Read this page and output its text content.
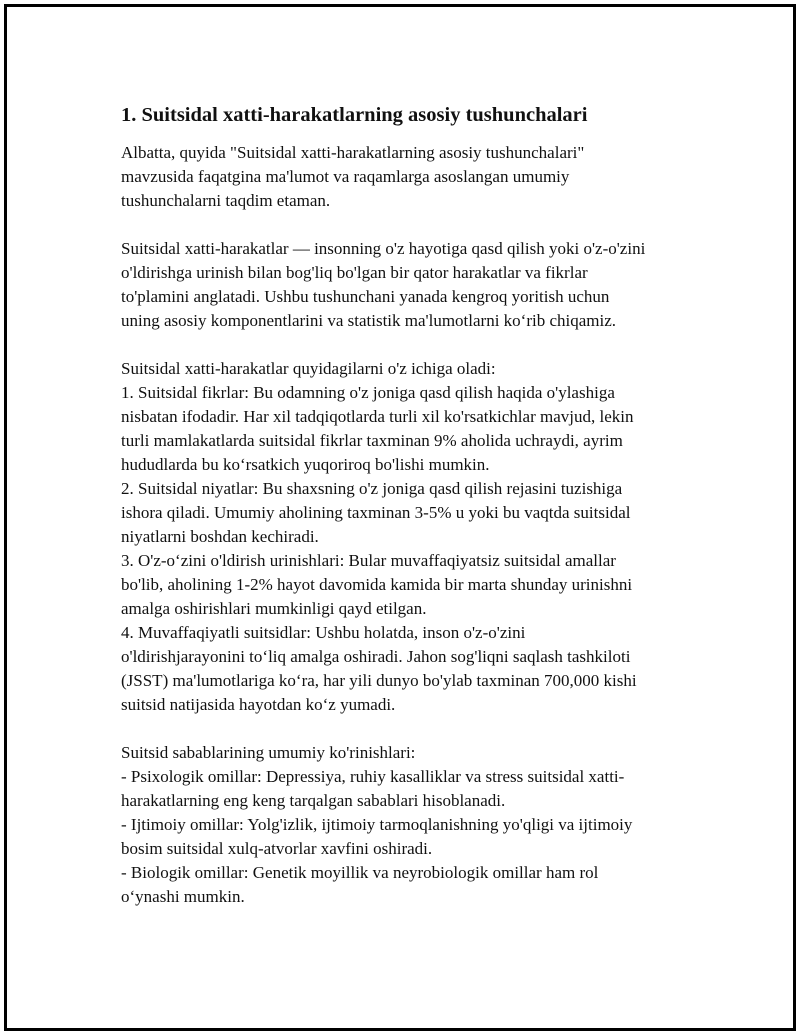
1. Suitsidal xatti-harakatlarning asosiy tushunchalari

Albatta, quyida "Suitsidal xatti-harakatlarning asosiy tushunchalari"
mavzusida faqatgina ma'lumot va raqamlarga asoslangan umumiy
tushunchalarni taqdim etaman.

Suitsidal xatti-harakatlar — insonning o'z hayotiga qasd qilish yoki o'z-o'zini
o'ldirishga urinish bilan bog'liq bo'lgan bir qator harakatlar va fikrlar
to'plamini anglatadi. Ushbu tushunchani yanada kengroq yoritish uchun
uning asosiy komponentlarini va statistik ma'lumotlarni ko‘rib chiqamiz.

Suitsidal xatti-harakatlar quyidagilarni o'z ichiga oladi:
1. Suitsidal fikrlar: Bu odamning o'z joniga qasd qilish haqida o'ylashiga
nisbatan ifodadir. Har xil tadqiqotlarda turli xil ko'rsatkichlar mavjud, lekin
turli mamlakatlarda suitsidal fikrlar taxminan 9% aholida uchraydi, ayrim
hududlarda bu ko‘rsatkich yuqoriroq bo'lishi mumkin.
2. Suitsidal niyatlar: Bu shaxsning o'z joniga qasd qilish rejasini tuzishiga
ishora qiladi. Umumiy aholining taxminan 3-5% u yoki bu vaqtda suitsidal
niyatlarni boshdan kechiradi.
3. O'z-o‘zini o'ldirish urinishlari: Bular muvaffaqiyatsiz suitsidal amallar
bo'lib, aholining 1-2% hayot davomida kamida bir marta shunday urinishni
amalga oshirishlari mumkinligi qayd etilgan.
4. Muvaffaqiyatli suitsidlar: Ushbu holatda, inson o'z-o'zini
o'ldirishjarayonini to‘liq amalga oshiradi. Jahon sog'liqni saqlash tashkiloti
(JSST) ma'lumotlariga ko‘ra, har yili dunyo bo'ylab taxminan 700,000 kishi
suitsid natijasida hayotdan ko‘z yumadi.

Suitsid sabablarining umumiy ko'rinishlari:
- Psixologik omillar: Depressiya, ruhiy kasalliklar va stress suitsidal xatti-
harakatlarning eng keng tarqalgan sabablari hisoblanadi.
- Ijtimoiy omillar: Yolg'izlik, ijtimoiy tarmoqlanishning yo'qligi va ijtimoiy
bosim suitsidal xulq-atvorlar xavfini oshiradi.
- Biologik omillar: Genetik moyillik va neyrobiologik omillar ham rol
o‘ynashi mumkin.
